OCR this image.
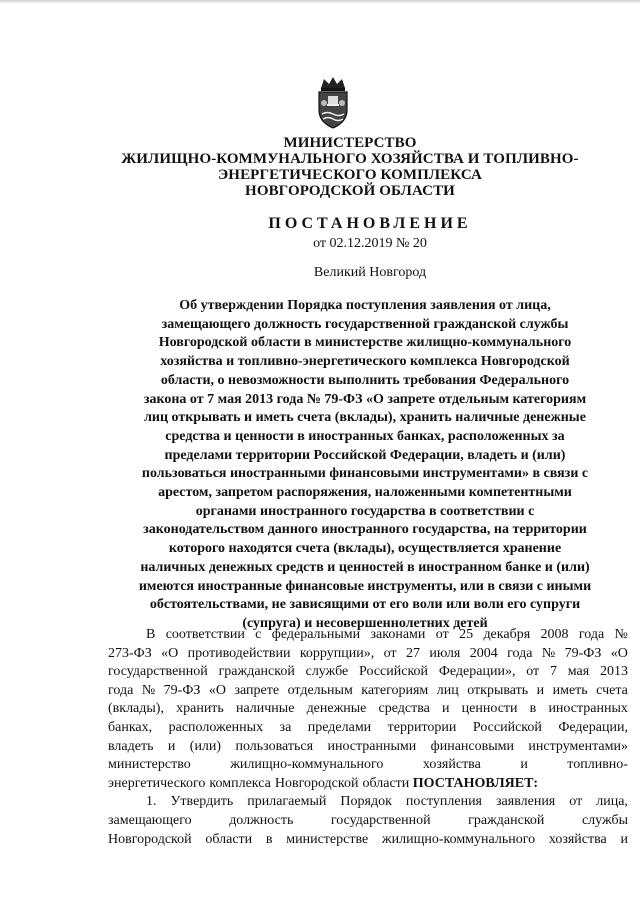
МИНИСТЕРСТВО
ЖИЛИЩНО-КОММУНАЛЬНОГО ХОЗЯЙСТВА И ТОПЛИВНО-
ЭНЕРГЕТИЧЕСКОГО КОМПЛЕКСА
НОВГОРОДСКОЙ ОБЛАСТИ
ПОСТАНОВЛЕНИЕ
от 02.12.2019 № 20
Великий Новгород
Об утверждении Порядка поступления заявления от лица,
замещающего должность государственной гражданской службы
Новгородской области в министерстве жилищно-коммунального
хозяйства и топливно-энергетического комплекса Новгородской
области, о невозможности выполнить требования Федерального
закона от 7 мая 2013 года № 79-ФЗ «О запрете отдельным категориям
лиц открывать и иметь счета (вклады), хранить наличные денежные
средства и ценности в иностранных банках, расположенных за
пределами территории Российской Федерации, владеть и (или)
пользоваться иностранными финансовыми инструментами» в связи с
арестом, запретом распоряжения, наложенными компетентными
органами иностранного государства в соответствии с
законодательством данного иностранного государства, на территории
которого находятся счета (вклады), осуществляется хранение
наличных денежных средств и ценностей в иностранном банке и (или)
имеются иностранные финансовые инструменты, или в связи с иными
обстоятельствами, не зависящими от его воли или воли его супруги
(супруга) и несовершеннолетних детей
В соответствии с федеральными законами от 25 декабря 2008 года №
273-ФЗ «О противодействии коррупции», от 27 июля 2004 года № 79-ФЗ «О
государственной гражданской службе Российской Федерации», от 7 мая 2013
года № 79-ФЗ «О запрете отдельным категориям лиц открывать и иметь счета
(вклады), хранить наличные денежные средства и ценности в иностранных
банках, расположенных за пределами территории Российской Федерации,
владеть и (или) пользоваться иностранными финансовыми инструментами»
министерство	жилищно-коммунального	хозяйства	и	топливно-
энергетического комплекса Новгородской области
ПОСТАНОВЛЯЕТ:
1. Утвердить прилагаемый Порядок поступления заявления от лица,
замещающего	должность	государственной	гражданской	службы
Новгородской области в министерстве жилищно-коммунального хозяйства и
